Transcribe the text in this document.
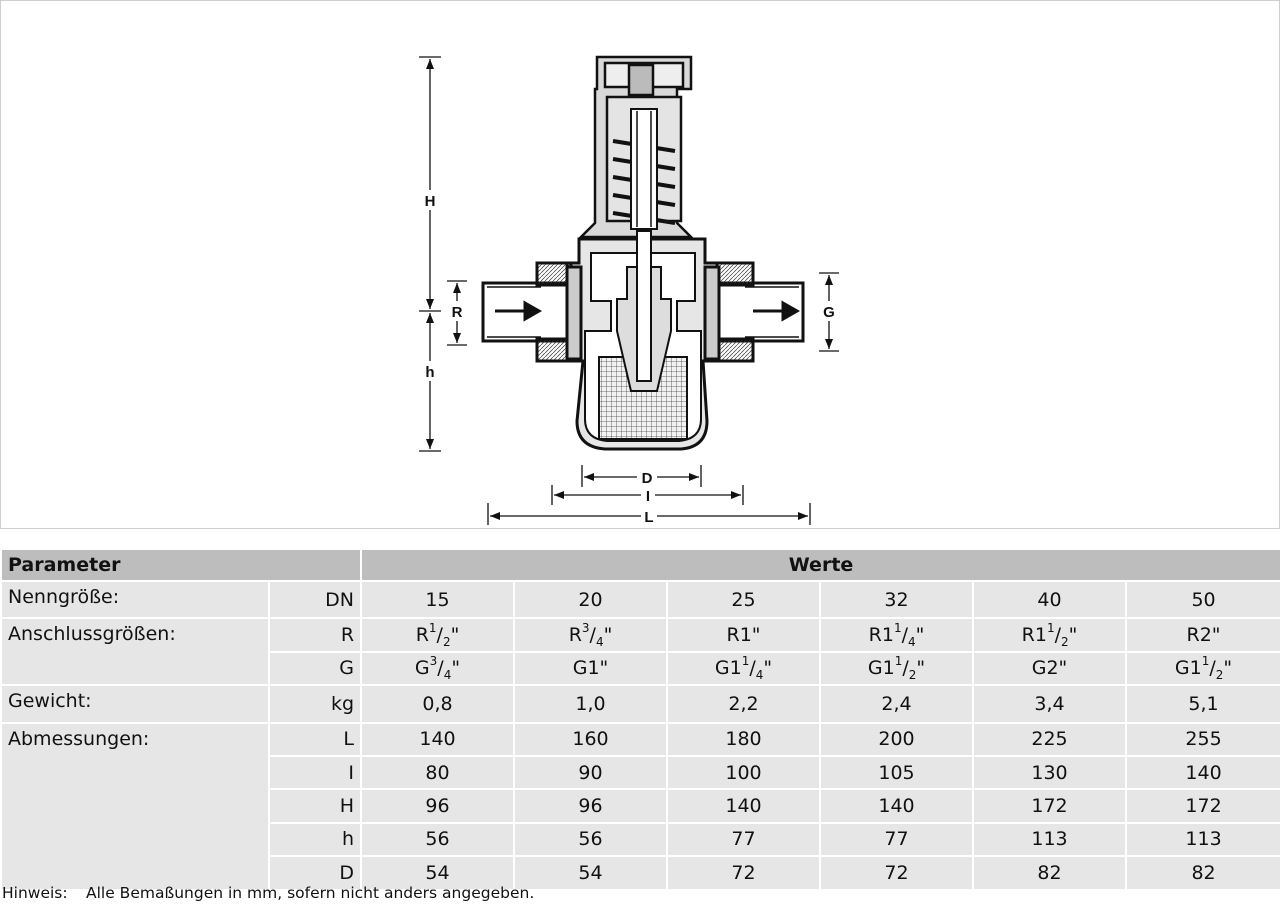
H
h
R	G
D
I
L
Parameter		Werte					
Nenngröße:	DN	15	20	25	32	40	50
Anschlussgrößen:	R	$R^1/_2$"	$R^3/_4$"	R1"	$R1^1/_4$"	$R1^1/_2$"	R2"
	G	$G^3/_4$"	G1"	$G1^1/_4$"	$G1^1/_2$"	G2"	$G1^1/_2$"
Gewicht:	kg	0,8	1,0	2,2	2,4	3,4	5,1
Abmessungen:	L	140	160	180	200	225	255
	I	80	90	100	105	130	140
	H	96	96	140	140	172	172
	h	56	56	77	77	113	113
	D	54	54	72	72	82	82
Hinweis: Alle Bemaßungen in mm, sofern nicht anders angegeben.
